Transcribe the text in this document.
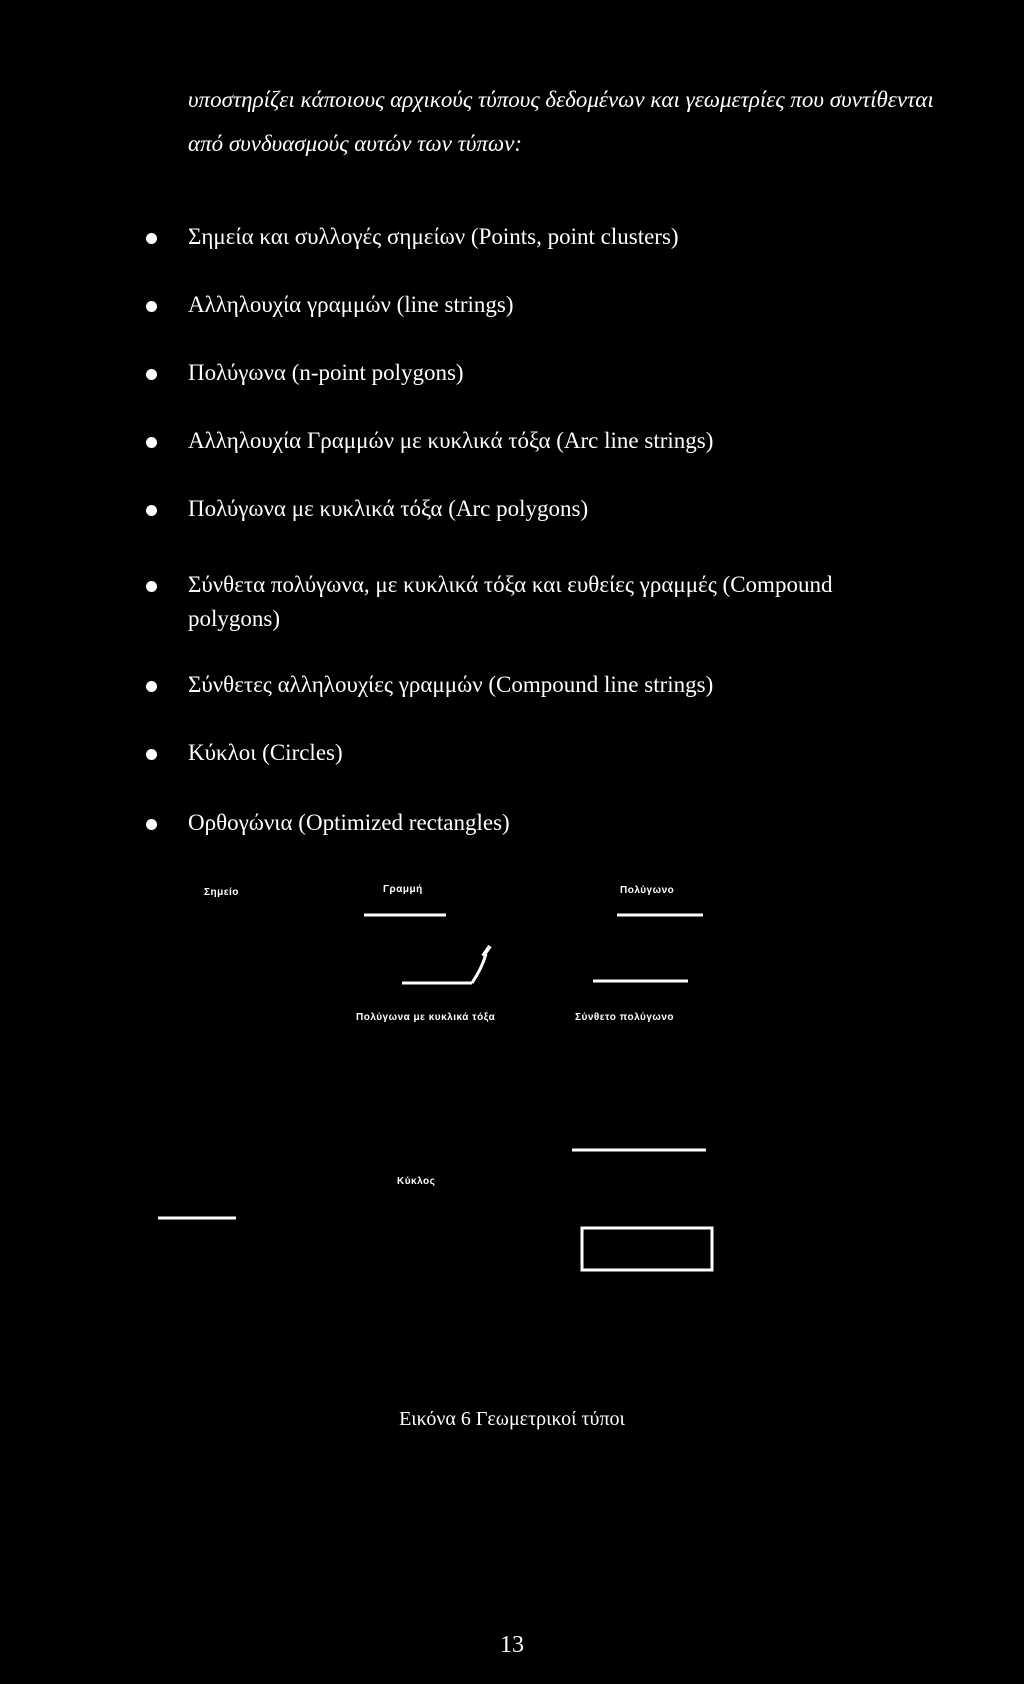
υποστηρίζει κάποιους αρχικούς τύπους δεδομένων και γεωμετρίες που συντίθενται από συνδυασμούς αυτών των τύπων:

Σημεία και συλλογές σημείων (Points, point clusters)
Αλληλουχία γραμμών (line strings)
Πολύγωνα (n-point polygons)
Αλληλουχία Γραμμών με κυκλικά τόξα (Arc line strings)
Πολύγωνα με κυκλικά τόξα (Arc polygons)
Σύνθετα πολύγωνα, με κυκλικά τόξα και ευθείες γραμμές (Compound
polygons)
Σύνθετες αλληλουχίες γραμμών (Compound line strings)
Κύκλοι (Circles)
Ορθογώνια (Optimized rectangles)
Σημείο	Γραμμή	Πολύγωνο
Πολύγωνα με κυκλικά τόξα	Σύνθετο πολύγωνο
Κύκλος
Εικόνα 6 Γεωμετρικοί τύποι
13
